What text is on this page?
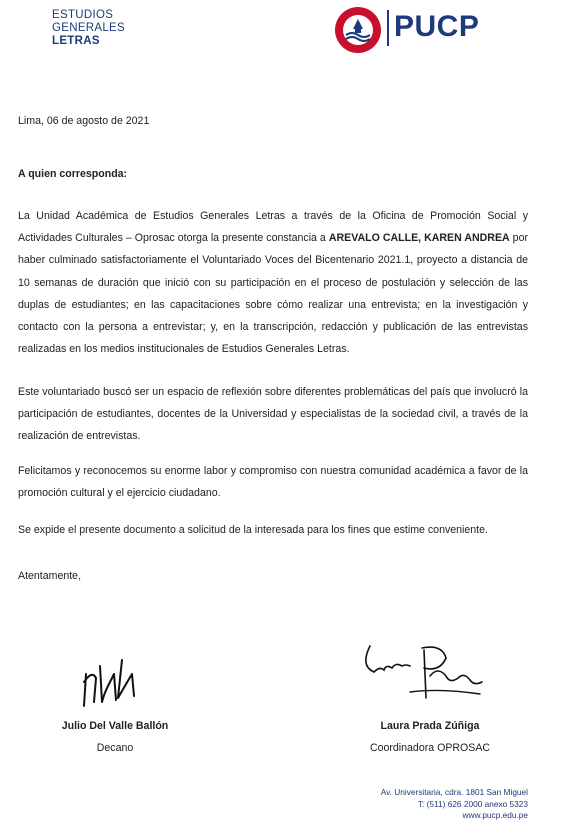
ESTUDIOS
GENERALES
LETRAS	PUCP
Lima, 06 de agosto de 2021
A quien corresponda:
La Unidad Académica de Estudios Generales Letras a través de la Oficina de Promoción Social y Actividades Culturales – Oprosac otorga la presente constancia a AREVALO CALLE, KAREN ANDREA por haber culminado satisfactoriamente el Voluntariado Voces del Bicentenario 2021.1, proyecto a distancia de 10 semanas de duración que inició con su participación en el proceso de postulación y selección de las duplas de estudiantes; en las capacitaciones sobre cómo realizar una entrevista; en la investigación y contacto con la persona a entrevistar; y, en la transcripción, redacción y publicación de las entrevistas realizadas en los medios institucionales de Estudios Generales Letras.
Este voluntariado buscó ser un espacio de reflexión sobre diferentes problemáticas del país que involucró la participación de estudiantes, docentes de la Universidad y especialistas de la sociedad civil, a través de la realización de entrevistas.
Felicitamos y reconocemos su enorme labor y compromiso con nuestra comunidad académica a favor de la promoción cultural y el ejercicio ciudadano.
Se expide el presente documento a solicitud de la interesada para los fines que estime conveniente.
Atentamente,
Julio Del Valle Ballón
Decano
Laura Prada Zúñiga
Coordinadora OPROSAC
Av. Universitaria, cdra. 1801 San Miguel
T: (511) 626 2000 anexo 5323
www.pucp.edu.pe
